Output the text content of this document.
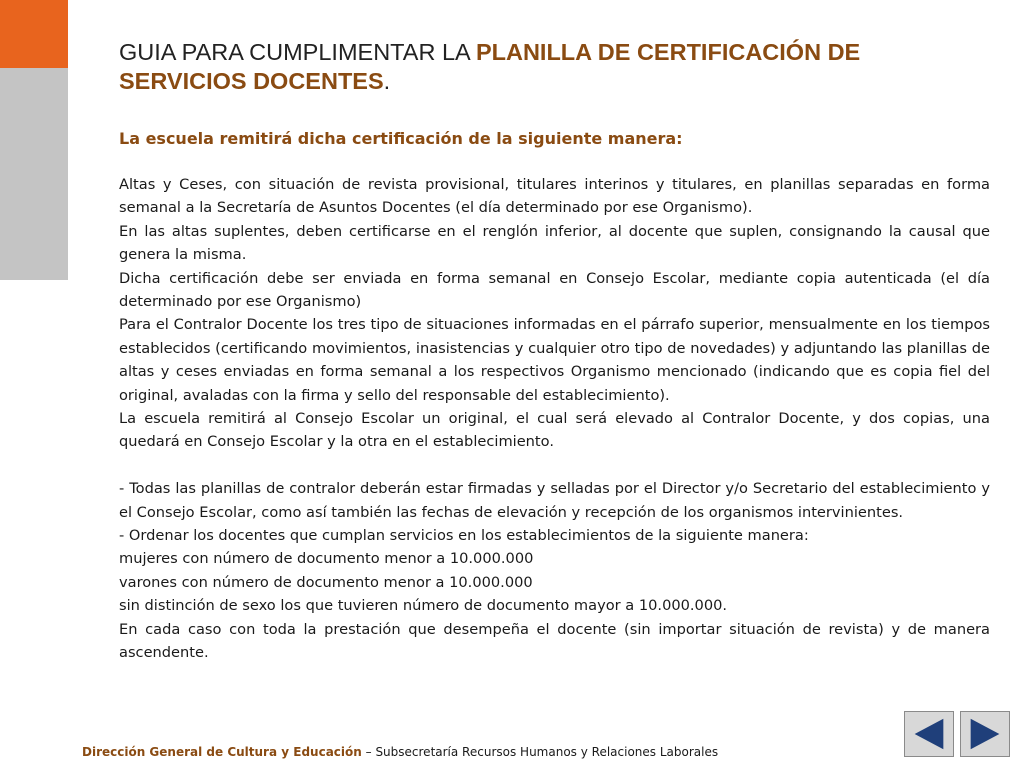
GUIA PARA CUMPLIMENTAR LA PLANILLA DE CERTIFICACIÓN DE SERVICIOS DOCENTES.
La escuela remitirá dicha certificación de la siguiente manera:

Altas y Ceses, con situación de revista provisional, titulares interinos y titulares, en planillas separadas en forma semanal a la Secretaría de Asuntos Docentes (el día determinado por ese Organismo).

En las altas suplentes, deben certificarse en el renglón inferior, al docente que suplen, consignando la causal que genera la misma.

Dicha certificación debe ser enviada en forma semanal en Consejo Escolar, mediante copia autenticada (el día determinado por ese Organismo)

Para el Contralor Docente los tres tipo de situaciones informadas en el párrafo superior, mensualmente en los tiempos establecidos (certificando movimientos, inasistencias y cualquier otro tipo de novedades) y adjuntando las planillas de altas y ceses enviadas en forma semanal a los respectivos Organismo mencionado (indicando que es copia fiel del original, avaladas con la firma y sello del responsable del establecimiento).

La escuela remitirá al Consejo Escolar un original, el cual será elevado al Contralor Docente, y dos copias, una quedará en Consejo Escolar y la otra en el establecimiento.

- Todas las planillas de contralor deberán estar firmadas y selladas por el Director y/o Secretario del establecimiento y el Consejo Escolar, como así también las fechas de elevación y recepción de los organismos intervinientes.

- Ordenar los docentes que cumplan servicios en los establecimientos de la siguiente manera:

mujeres con número de documento menor a 10.000.000

varones con número de documento menor a 10.000.000

sin distinción de sexo los que tuvieren número de documento mayor a 10.000.000.

En cada caso con toda la prestación que desempeña el docente (sin importar situación de revista) y de manera ascendente.

Dirección General de Cultura y Educación – Subsecretaría Recursos Humanos y Relaciones Laborales
